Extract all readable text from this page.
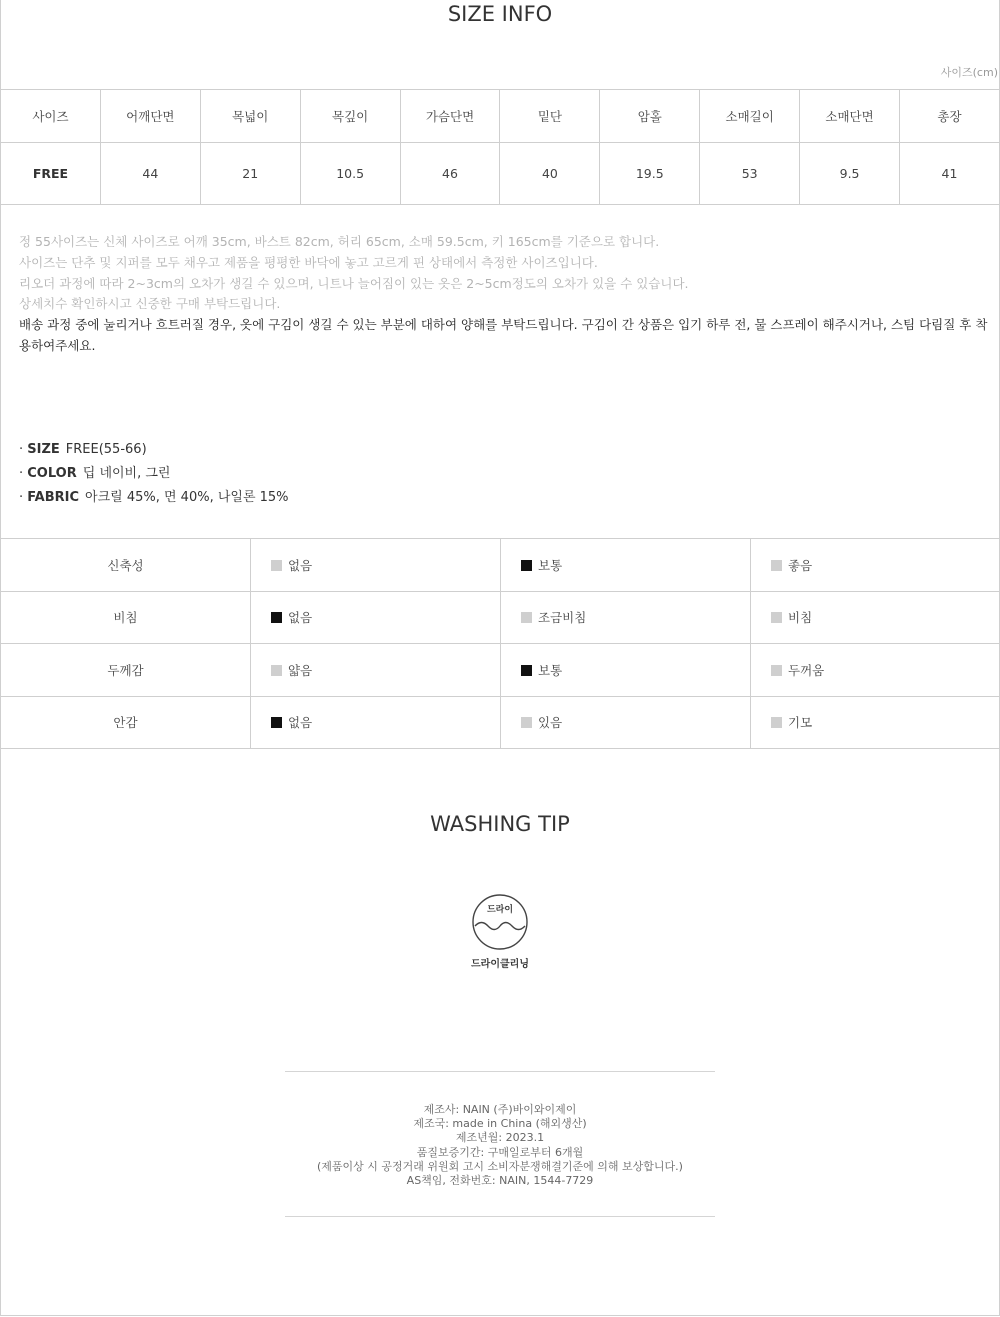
SIZE INFO
사이즈(cm)
사이즈	어깨단면	목넓이	목깊이	가슴단면	밑단	암홀	소매길이	소매단면	총장
FREE	44	21	10.5	46	40	19.5	53	9.5	41
정 55사이즈는 신체 사이즈로 어깨 35cm, 바스트 82cm, 허리 65cm, 소매 59.5cm, 키 165cm를 기준으로 합니다.
사이즈는 단추 및 지퍼를 모두 채우고 제품을 평평한 바닥에 놓고 고르게 핀 상태에서 측정한 사이즈입니다.
리오더 과정에 따라 2~3cm의 오차가 생길 수 있으며, 니트나 늘어짐이 있는 옷은 2~5cm정도의 오차가 있을 수 있습니다.
상세치수 확인하시고 신중한 구매 부탁드립니다.
배송 과정 중에 눌리거나 흐트러질 경우, 옷에 구김이 생길 수 있는 부분에 대하여 양해를 부탁드립니다. 구김이 간 상품은 입기 하루 전, 물 스프레이 해주시거나, 스팀 다림질 후 착용하여주세요.
· SIZE FREE(55-66)
· COLOR 딥 네이비, 그린
· FABRIC 아크릴 45%, 면 40%, 나일론 15%
신축성	없음	보통	좋음
비침	없음	조금비침	비침
두께감	얇음	보통	두꺼움
안감	없음	있음	기모
WASHING TIP
드라이
드라이클리닝
제조사: NAIN (주)바이와이제이
제조국: made in China (해외생산)
제조년월: 2023.1
품질보증기간: 구매일로부터 6개월
(제품이상 시 공정거래 위원회 고시 소비자분쟁해결기준에 의해 보상합니다.)
AS책임, 전화번호: NAIN, 1544-7729
